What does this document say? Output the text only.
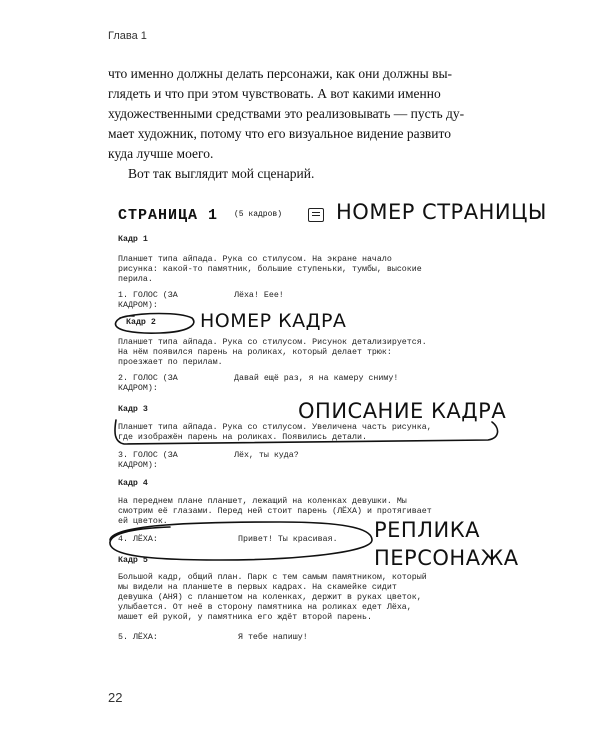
Глава 1

что именно должны делать персонажи, как они должны вы-

глядеть и что при этом чувствовать. А вот какими именно

художественными средствами это реализовывать — пусть ду-

мает художник, потому что его визуальное видение развито

куда лучше моего.

Вот так выглядит мой сценарий.

СТРАНИЦА 1 (5 кадров)
Кадр 1
Планшет типа айпада. Рука со стилусом. На экране начало
рисунка: какой-то памятник, большие ступеньки, тумбы, высокие
перила.
1. ГОЛОС (ЗА
КАДРОМ):
Лёха! Еее!
Кадр 2
Планшет типа айпада. Рука со стилусом. Рисунок детализируется.
На нём появился парень на роликах, который делает трюк:
проезжает по перилам.
2. ГОЛОС (ЗА
КАДРОМ):
Давай ещё раз, я на камеру сниму!
Кадр 3
Планшет типа айпада. Рука со стилусом. Увеличена часть рисунка,
где изображён парень на роликах. Появились детали.
3. ГОЛОС (ЗА
КАДРОМ):
Лёх, ты куда?
Кадр 4
На переднем плане планшет, лежащий на коленках девушки. Мы
смотрим её глазами. Перед ней стоит парень (ЛЁХА) и протягивает
ей цветок.
4. ЛЁХА:	Привет! Ты красивая.
Кадр 5
Большой кадр, общий план. Парк с тем самым памятником, который
мы видели на планшете в первых кадрах. На скамейке сидит
девушка (АНЯ) с планшетом на коленках, держит в руках цветок,
улыбается. От неё в сторону памятника на роликах едет Лёха,
машет ей рукой, у памятника его ждёт второй парень.
5. ЛЁХА:	Я тебе напишу!
НОМЕР СТРАНИЦЫ
НОМЕР КАДРА
ОПИСАНИЕ КАДРА
РЕПЛИКА
ПЕРСОНАЖА
22
